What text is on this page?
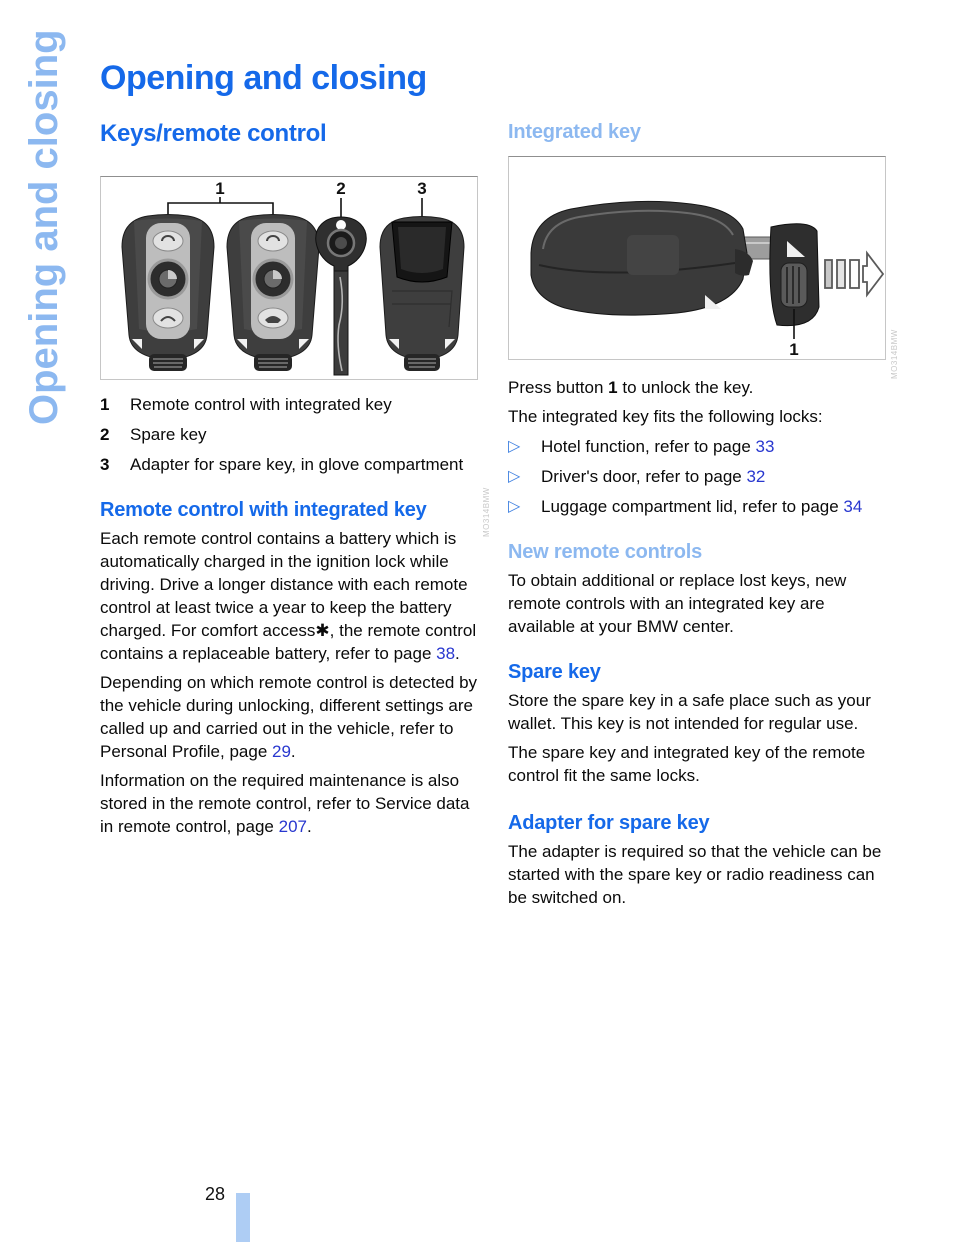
Opening and closing Opening and closing
Keys/remote control
1	2	3
MO314BMW
1	Remote control with integrated key
2	Spare key
3	Adapter for spare key, in glove compartment
Remote control with integrated key

Each remote control contains a battery which is automatically charged in the ignition lock while driving. Drive a longer distance with each remote control at least twice a year to keep the battery charged. For comfort access✱, the remote control contains a replaceable battery, refer to page 38.

Depending on which remote control is detected by the vehicle during unlocking, different settings are called up and carried out in the vehicle, refer to Personal Profile, page 29.

Information on the required maintenance is also stored in the remote control, refer to Service data in remote control, page 207.

Integrated key
1	MO314BMW

Press button 1 to unlock the key.

The integrated key fits the following locks:

▷	Hotel function, refer to page 33
▷	Driver's door, refer to page 32
▷	Luggage compartment lid, refer to page 34
New remote controls

To obtain additional or replace lost keys, new remote controls with an integrated key are available at your BMW center.

Spare key

Store the spare key in a safe place such as your wallet. This key is not intended for regular use.

The spare key and integrated key of the remote control fit the same locks.

Adapter for spare key

The adapter is required so that the vehicle can be started with the spare key or radio readiness can be switched on.

28
